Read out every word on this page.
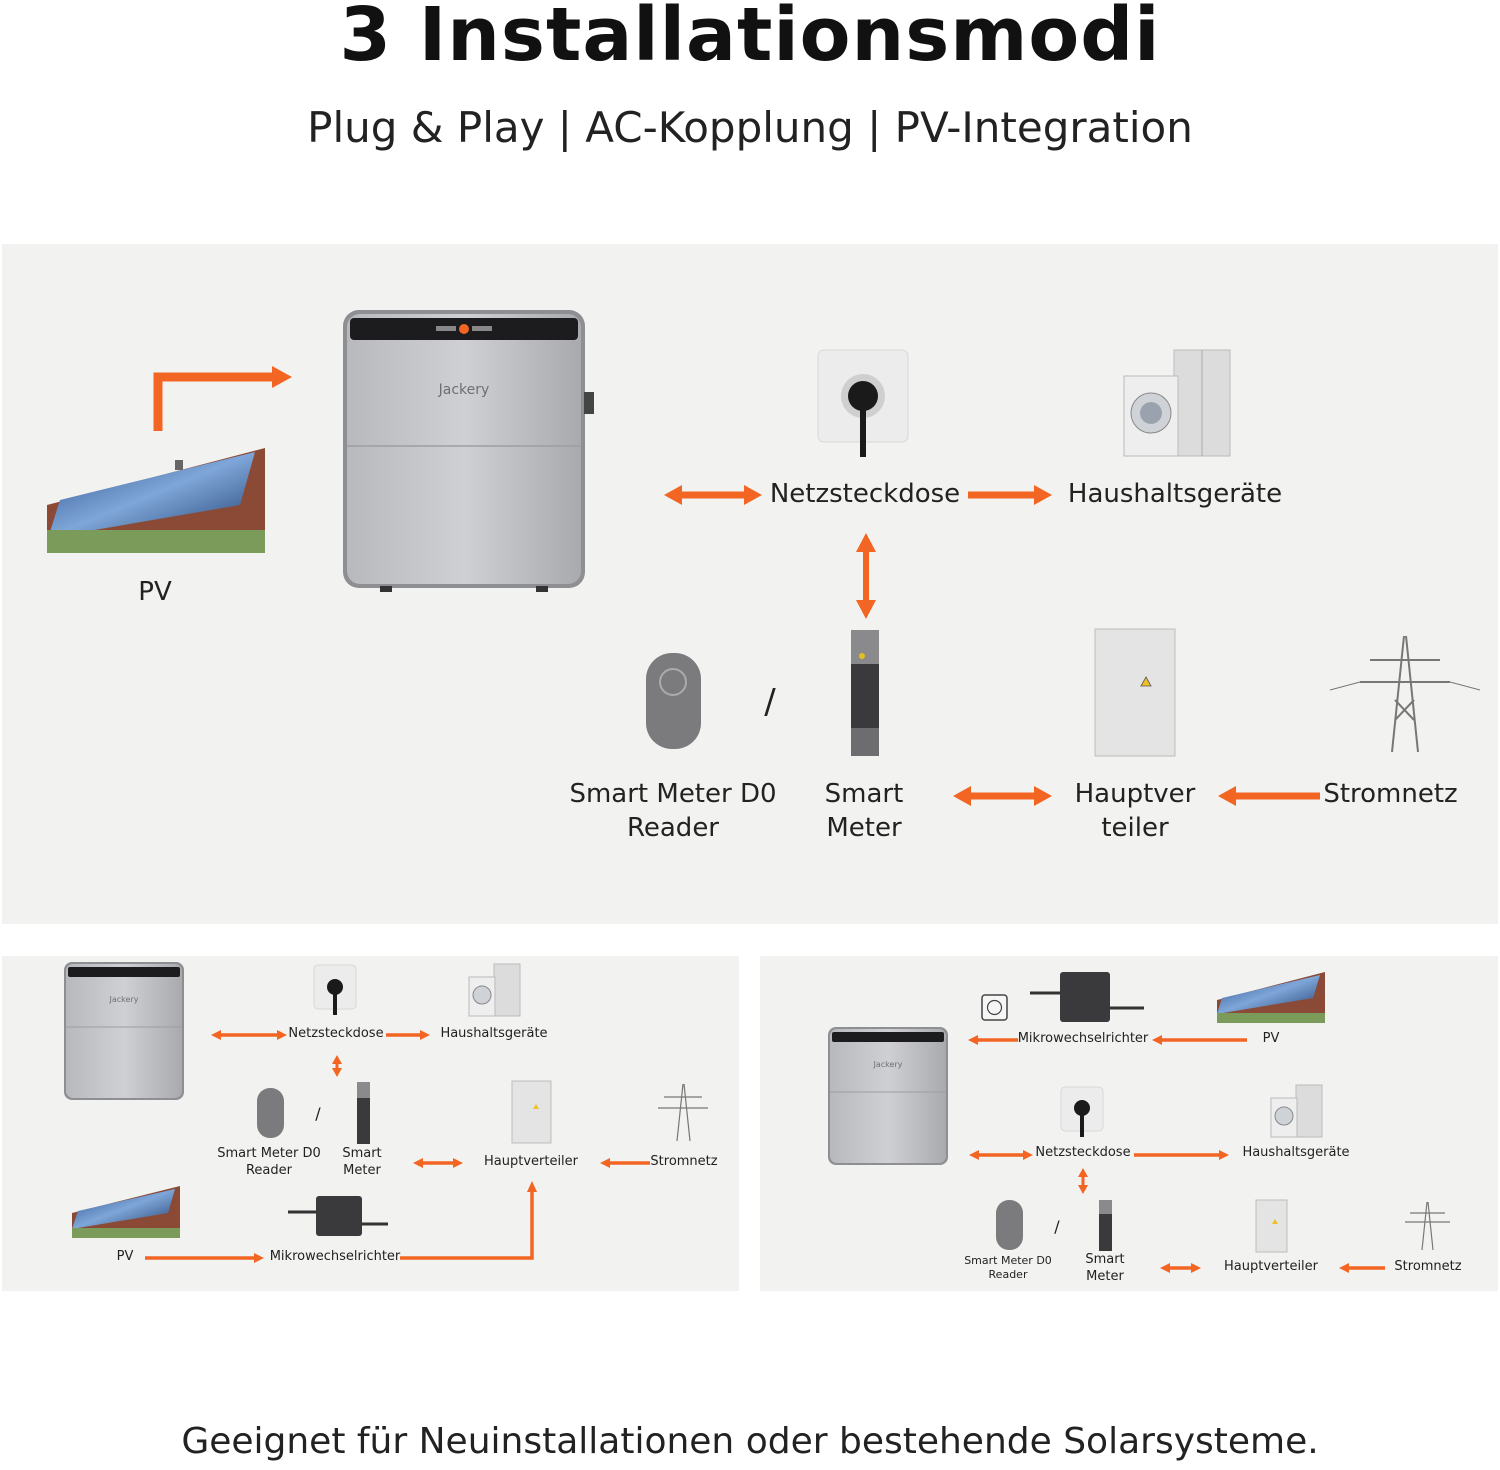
3 Installationsmodi
Plug & Play | AC-Kopplung | PV-Integration
Jackery
Jackery
Jackery
PV
Netzsteckdose	Haushaltsgeräte
/
Smart Meter D0
Reader
Smart
Meter
Hauptver
teiler
Stromnetz
Netzsteckdose	Haushaltsgeräte
/
Smart Meter D0
Reader
Smart
Meter
Hauptverteiler	Stromnetz
PV	Mikrowechselrichter
Mikrowechselrichter	PV
Netzsteckdose	Haushaltsgeräte
/
Smart Meter D0
Reader
Smart
Meter
Hauptverteiler	Stromnetz
Geeignet für Neuinstallationen oder bestehende Solarsysteme.
